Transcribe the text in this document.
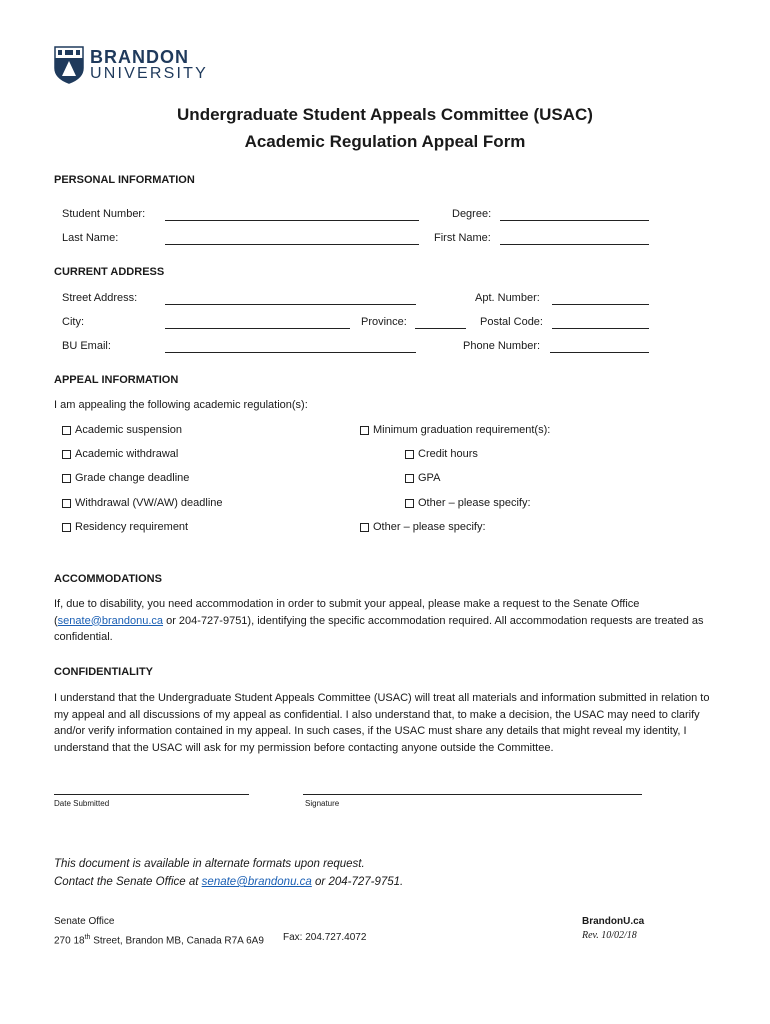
BRANDON
UNIVERSITY
Undergraduate Student Appeals Committee (USAC)
Academic Regulation Appeal Form
PERSONAL INFORMATION
Student Number:	Degree:
Last Name:	First Name:
CURRENT ADDRESS
Street Address:	Apt. Number:
City:	Province:	Postal Code:
BU Email:	Phone Number:
APPEAL INFORMATION
I am appealing the following academic regulation(s):
Academic suspension
Academic withdrawal
Grade change deadline
Withdrawal (VW/AW) deadline
Residency requirement
Minimum graduation requirement(s):
Credit hours
GPA
Other – please specify:
Other – please specify:
ACCOMMODATIONS
If, due to disability, you need accommodation in order to submit your appeal, please make a request to the Senate Office (senate@brandonu.ca or 204-727-9751), identifying the specific accommodation required. All accommodation requests are treated as confidential.
CONFIDENTIALITY
I understand that the Undergraduate Student Appeals Committee (USAC) will treat all materials and information submitted in relation to my appeal and all discussions of my appeal as confidential. I also understand that, to make a decision, the USAC may need to clarify and/or verify information contained in my appeal. In such cases, if the USAC must share any details that might reveal my identity, I understand that the USAC will ask for my permission before contacting anyone outside the Committee.
Date Submitted	Signature
This document is available in alternate formats upon request.
Contact the Senate Office at senate@brandonu.ca or 204-727-9751.
Senate Office
270 18th Street, Brandon MB, Canada R7A 6A9 Fax: 204.727.4072
BrandonU.ca
Rev. 10/02/18
